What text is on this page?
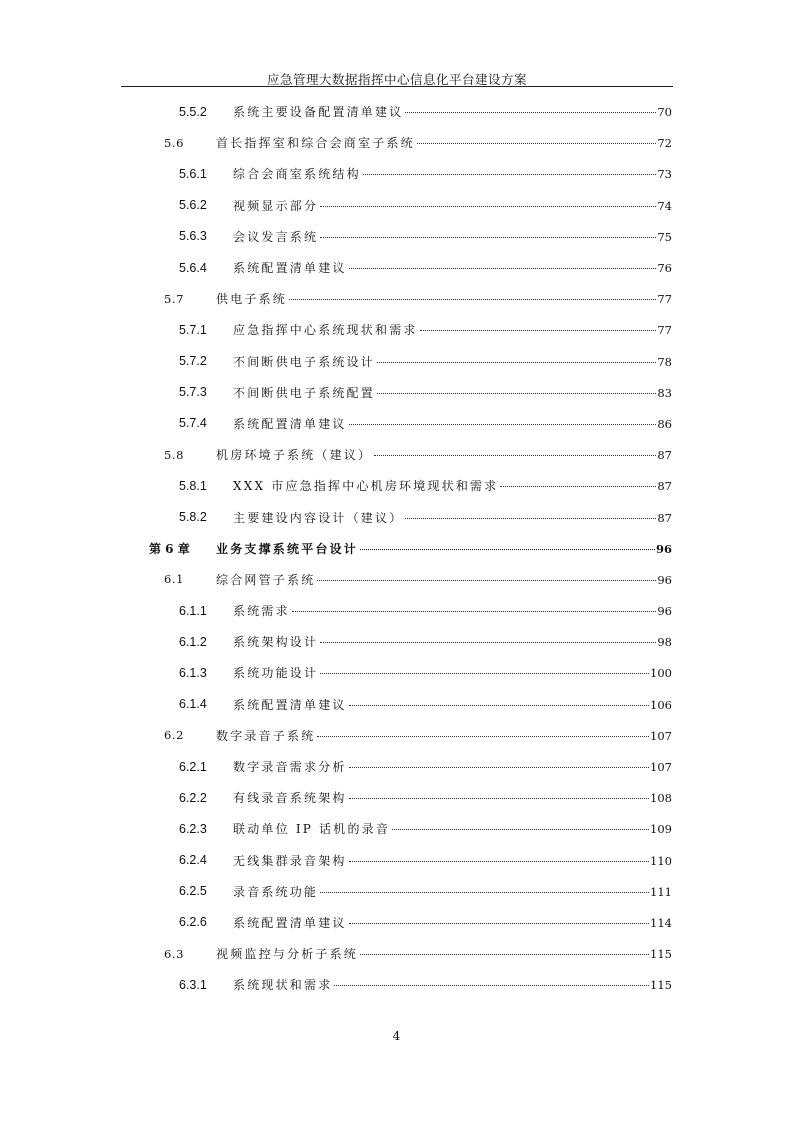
应急管理大数据指挥中心信息化平台建设方案
5.5.2 系统主要设备配置清单建议	70
5.6	首长指挥室和综合会商室子系统	72
5.6.1 综合会商室系统结构	73
5.6.2 视频显示部分	74
5.6.3 会议发言系统	75
5.6.4 系统配置清单建议	76
5.7	供电子系统	77
5.7.1 应急指挥中心系统现状和需求	77
5.7.2 不间断供电子系统设计	78
5.7.3 不间断供电子系统配置	83
5.7.4 系统配置清单建议	86
5.8	机房环境子系统（建议）	87
5.8.1 XXX 市应急指挥中心机房环境现状和需求	87
5.8.2 主要建设内容设计（建议）	87
第 6 章 业务支撑系统平台设计	96
6.1	综合网管子系统	96
6.1.1 系统需求	96
6.1.2 系统架构设计	98
6.1.3 系统功能设计	100
6.1.4 系统配置清单建议	106
6.2	数字录音子系统	107
6.2.1 数字录音需求分析	107
6.2.2 有线录音系统架构	108
6.2.3 联动单位 IP 话机的录音	109
6.2.4 无线集群录音架构	110
6.2.5 录音系统功能	111
6.2.6 系统配置清单建议	114
6.3	视频监控与分析子系统	115
6.3.1 系统现状和需求	115
4
